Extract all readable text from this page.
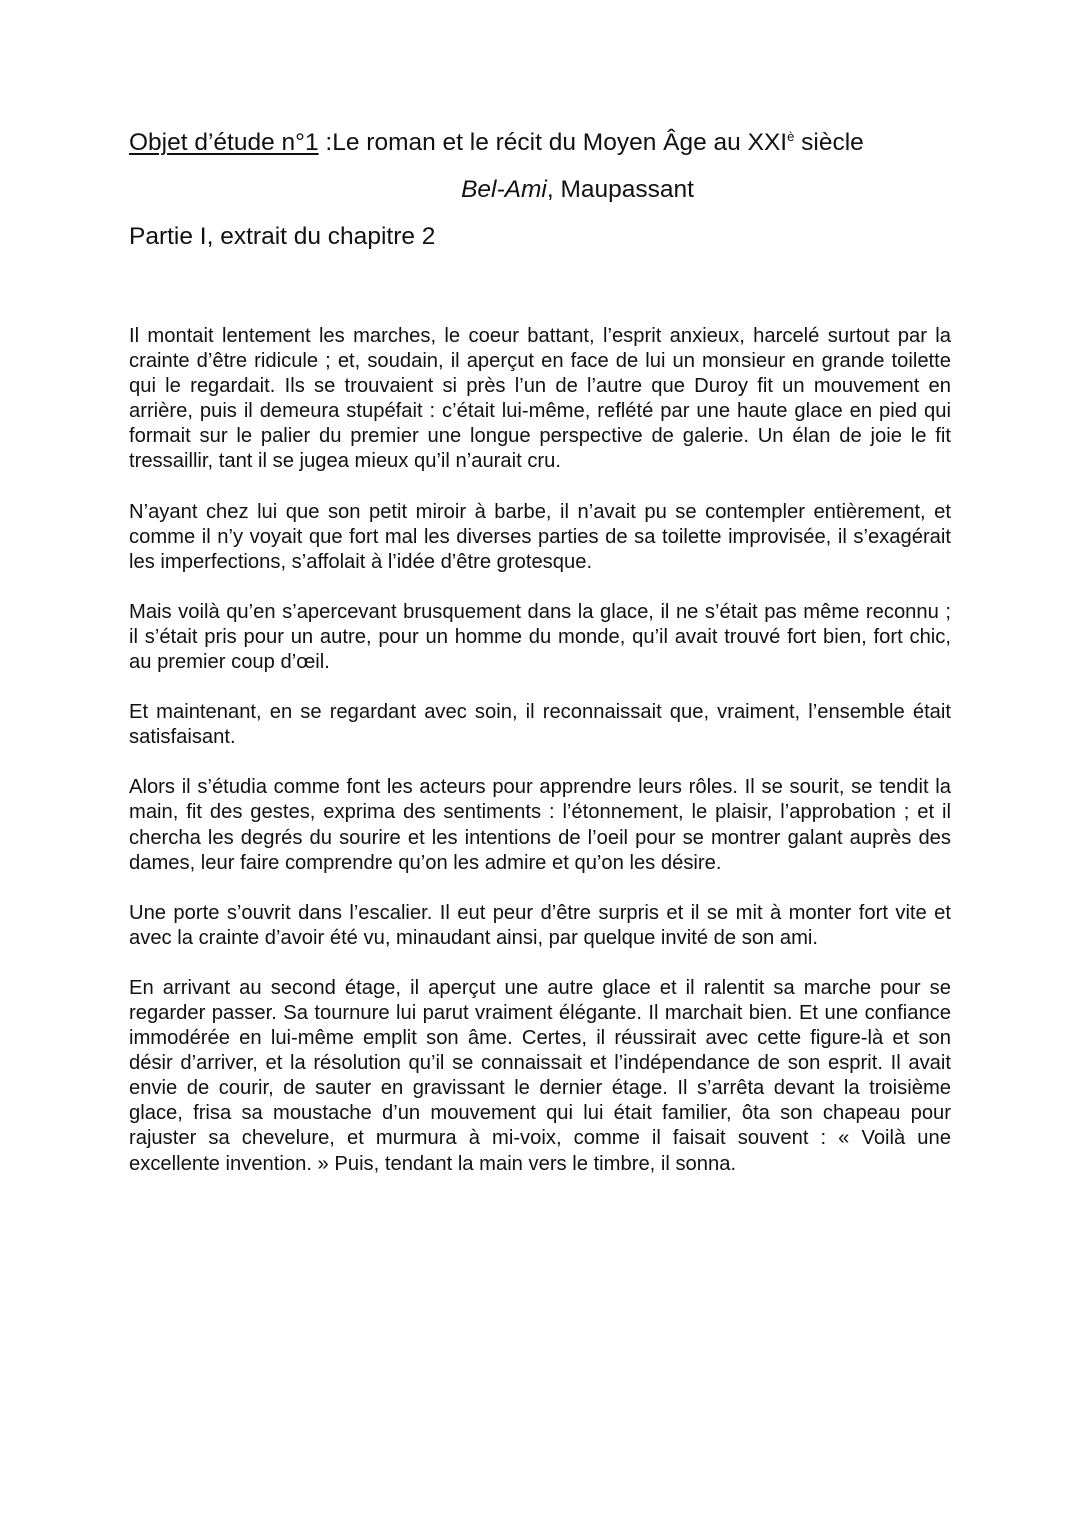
Objet d’étude n°1 :Le roman et le récit du Moyen Âge au $XXI^è$ siècle
Bel-Ami, Maupassant
Partie I, extrait du chapitre 2

Il montait lentement les marches, le coeur battant, l’esprit anxieux, harcelé surtout par la crainte d’être ridicule ; et, soudain, il aperçut en face de lui un monsieur en grande toilette qui le regardait. Ils se trouvaient si près l’un de l’autre que Duroy fit un mouvement en arrière, puis il demeura stupéfait : c’était lui-même, reflété par une haute glace en pied qui formait sur le palier du premier une longue perspective de galerie. Un élan de joie le fit tressaillir, tant il se jugea mieux qu’il n’aurait cru.

N’ayant chez lui que son petit miroir à barbe, il n’avait pu se contempler entièrement, et comme il n’y voyait que fort mal les diverses parties de sa toilette improvisée, il s’exagérait les imperfections, s’affolait à l’idée d’être grotesque.

Mais voilà qu’en s’apercevant brusquement dans la glace, il ne s’était pas même reconnu ; il s’était pris pour un autre, pour un homme du monde, qu’il avait trouvé fort bien, fort chic, au premier coup d’œil.

Et maintenant, en se regardant avec soin, il reconnaissait que, vraiment, l’ensemble était satisfaisant.

Alors il s’étudia comme font les acteurs pour apprendre leurs rôles. Il se sourit, se tendit la main, fit des gestes, exprima des sentiments : l’étonnement, le plaisir, l’approbation ; et il chercha les degrés du sourire et les intentions de l’oeil pour se montrer galant auprès des dames, leur faire comprendre qu’on les admire et qu’on les désire.

Une porte s’ouvrit dans l’escalier. Il eut peur d’être surpris et il se mit à monter fort vite et avec la crainte d’avoir été vu, minaudant ainsi, par quelque invité de son ami.

En arrivant au second étage, il aperçut une autre glace et il ralentit sa marche pour se regarder passer. Sa tournure lui parut vraiment élégante. Il marchait bien. Et une confiance immodérée en lui-même emplit son âme. Certes, il réussirait avec cette figure-là et son désir d’arriver, et la résolution qu’il se connaissait et l’indépendance de son esprit. Il avait envie de courir, de sauter en gravissant le dernier étage. Il s’arrêta devant la troisième glace, frisa sa moustache d’un mouvement qui lui était familier, ôta son chapeau pour rajuster sa chevelure, et murmura à mi-voix, comme il faisait souvent : « Voilà une excellente invention. » Puis, tendant la main vers le timbre, il sonna.
